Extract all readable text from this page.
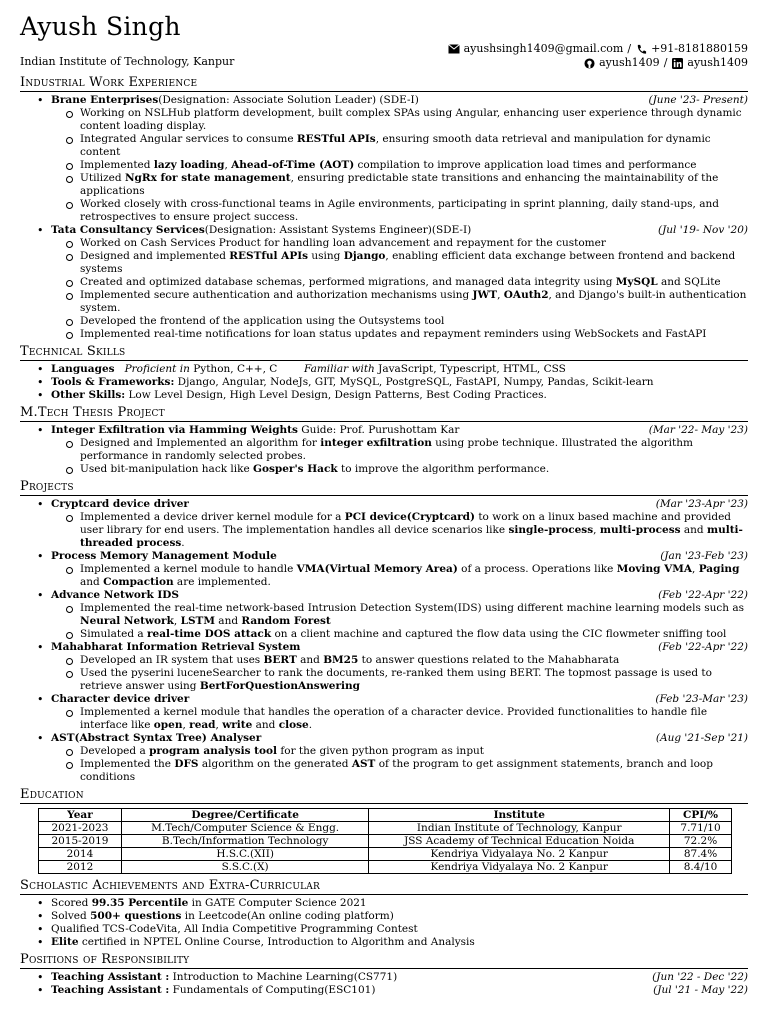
Ayush Singh
Indian Institute of Technology, Kanpur
ayushsingh1409@gmail.com / +91-8181880159
ayush1409 / ayush1409
Industrial Work Experience
• Brane Enterprises(Designation: Associate Solution Leader) (SDE-I)	(June '23- Present)
Working on NSLHub platform development, built complex SPAs using Angular, enhancing user experience through dynamic content loading display.
Integrated Angular services to consume RESTful APIs, ensuring smooth data retrieval and manipulation for dynamic content
Implemented lazy loading, Ahead-of-Time (AOT) compilation to improve application load times and performance
Utilized NgRx for state management, ensuring predictable state transitions and enhancing the maintainability of the applications
Worked closely with cross-functional teams in Agile environments, participating in sprint planning, daily stand-ups, and retrospectives to ensure project success.
• Tata Consultancy Services(Designation: Assistant Systems Engineer)(SDE-I)	(Jul '19- Nov '20)
Worked on Cash Services Product for handling loan advancement and repayment for the customer
Designed and implemented RESTful APIs using Django, enabling efficient data exchange between frontend and backend systems
Created and optimized database schemas, performed migrations, and managed data integrity using MySQL and SQLite
Implemented secure authentication and authorization mechanisms using JWT, OAuth2, and Django's built-in authentication system.
Developed the frontend of the application using the Outsystems tool
Implemented real-time notifications for loan status updates and repayment reminders using WebSockets and FastAPI
Technical Skills
• Languages Proficient in Python, C++, C        Familiar with JavaScript, Typescript, HTML, CSS
• Tools & Frameworks: Django, Angular, NodeJs, GIT, MySQL, PostgreSQL, FastAPI, Numpy, Pandas, Scikit-learn
• Other Skills: Low Level Design, High Level Design, Design Patterns, Best Coding Practices.
M.Tech Thesis Project
• Integer Exfiltration via Hamming Weights Guide: Prof. Purushottam Kar	(Mar '22- May '23)
Designed and Implemented an algorithm for integer exfiltration using probe technique. Illustrated the algorithm performance in randomly selected probes.
Used bit-manipulation hack like Gosper's Hack to improve the algorithm performance.
Projects
• Cryptcard device driver	(Mar '23-Apr '23)
Implemented a device driver kernel module for a PCI device(Cryptcard) to work on a linux based machine and provided user library for end users. The implementation handles all device scenarios like single-process, multi-process and multi-threaded process.
• Process Memory Management Module	(Jan '23-Feb '23)
Implemented a kernel module to handle VMA(Virtual Memory Area) of a process. Operations like Moving VMA, Paging and Compaction are implemented.
• Advance Network IDS	(Feb '22-Apr '22)
Implemented the real-time network-based Intrusion Detection System(IDS) using different machine learning models such as Neural Network, LSTM and Random Forest
Simulated a real-time DOS attack on a client machine and captured the flow data using the CIC flowmeter sniffing tool
• Mahabharat Information Retrieval System	(Feb '22-Apr '22)
Developed an IR system that uses BERT and BM25 to answer questions related to the Mahabharata
Used the pyserini luceneSearcher to rank the documents, re-ranked them using BERT. The topmost passage is used to retrieve answer using BertForQuestionAnswering
• Character device driver	(Feb '23-Mar '23)
Implemented a kernel module that handles the operation of a character device. Provided functionalities to handle file interface like open, read, write and close.
• AST(Abstract Syntax Tree) Analyser	(Aug '21-Sep '21)
Developed a program analysis tool for the given python program as input
Implemented the DFS algorithm on the generated AST of the program to get assignment statements, branch and loop conditions
Education
Year	Degree/Certificate	Institute	CPI/%
2021-2023	M.Tech/Computer Science & Engg.	Indian Institute of Technology, Kanpur	7.71/10
2015-2019	B.Tech/Information Technology	JSS Academy of Technical Education Noida	72.2%
2014	H.S.C.(XII)	Kendriya Vidyalaya No. 2 Kanpur	87.4%
2012	S.S.C.(X)	Kendriya Vidyalaya No. 2 Kanpur	8.4/10
Scholastic Achievements and Extra-Curricular
• Scored 99.35 Percentile in GATE Computer Science 2021
• Solved 500+ questions in Leetcode(An online coding platform)
• Qualified TCS-CodeVita, All India Competitive Programming Contest
• Elite certified in NPTEL Online Course, Introduction to Algorithm and Analysis
Positions of Responsibility
• Teaching Assistant : Introduction to Machine Learning(CS771)	(Jun '22 - Dec '22)
• Teaching Assistant : Fundamentals of Computing(ESC101)	(Jul '21 - May '22)
